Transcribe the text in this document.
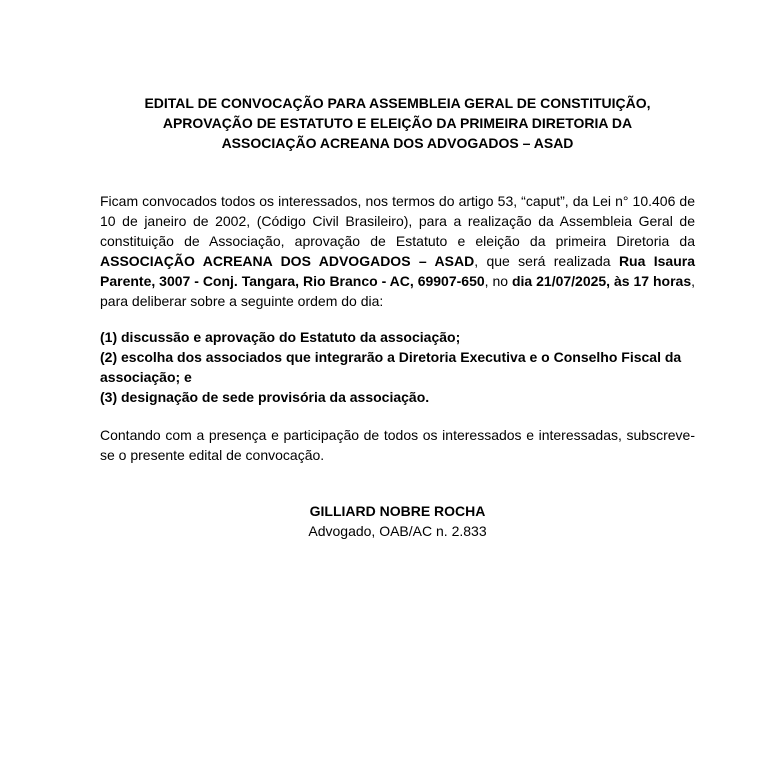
EDITAL DE CONVOCAÇÃO PARA ASSEMBLEIA GERAL DE CONSTITUIÇÃO,
APROVAÇÃO DE ESTATUTO E ELEIÇÃO DA PRIMEIRA DIRETORIA DA
ASSOCIAÇÃO ACREANA DOS ADVOGADOS – ASAD
Ficam convocados todos os interessados, nos termos do artigo 53, “caput”, da Lei n° 10.406 de 10 de janeiro de 2002, (Código Civil Brasileiro), para a realização da Assembleia Geral de constituição de Associação, aprovação de Estatuto e eleição da primeira Diretoria da ASSOCIAÇÃO ACREANA DOS ADVOGADOS – ASAD, que será realizada Rua Isaura Parente, 3007 - Conj. Tangara, Rio Branco - AC, 69907-650, no dia 21/07/2025, às 17 horas, para deliberar sobre a seguinte ordem do dia:
(1) discussão e aprovação do Estatuto da associação;
(2) escolha dos associados que integrarão a Diretoria Executiva e o Conselho Fiscal da associação; e
(3) designação de sede provisória da associação.
Contando com a presença e participação de todos os interessados e interessadas, subscreve-se o presente edital de convocação.
GILLIARD NOBRE ROCHA
Advogado, OAB/AC n. 2.833
